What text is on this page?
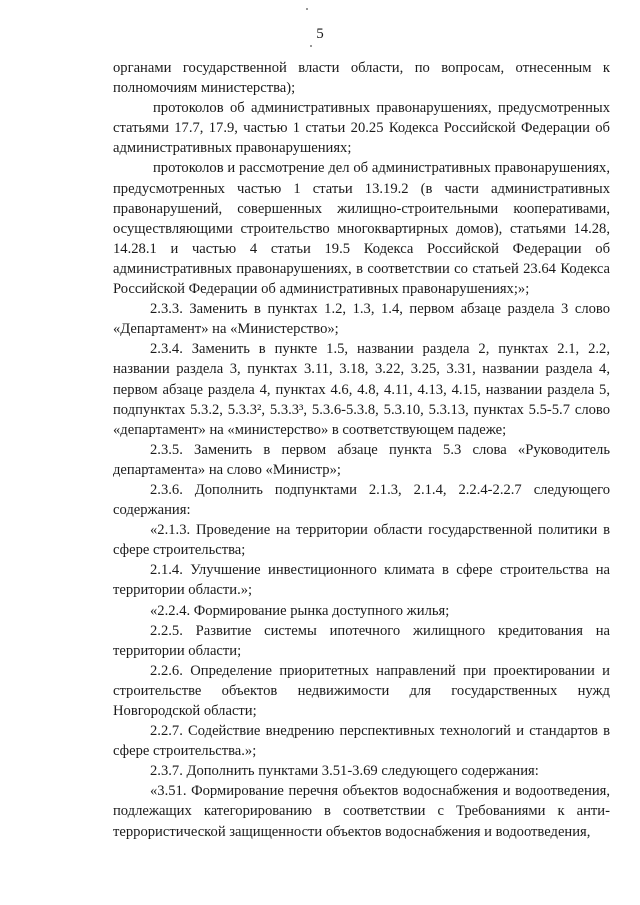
5

органами государственной власти области, по вопросам, отнесенным к полномочиям министерства);

протоколов об административных правонарушениях, предусмотренных статьями 17.7, 17.9, частью 1 статьи 20.25 Кодекса Российской Федерации об административных правонарушениях;

протоколов и рассмотрение дел об административных правонарушениях, предусмотренных частью 1 статьи 13.19.2 (в части административных правонарушений, совершенных жилищно-строительными кооперативами, осуществляющими строительство многоквартирных домов), статьями 14.28, 14.28.1 и частью 4 статьи 19.5 Кодекса Российской Федерации об административных правонарушениях, в соответствии со статьей 23.64 Кодекса Российской Федерации об административных правонарушениях;»;

2.3.3. Заменить в пунктах 1.2, 1.3, 1.4, первом абзаце раздела 3 слово «Департамент» на «Министерство»;

2.3.4. Заменить в пункте 1.5, названии раздела 2, пунктах 2.1, 2.2, названии раздела 3, пунктах 3.11, 3.18, 3.22, 3.25, 3.31, названии раздела 4, первом абзаце раздела 4, пунктах 4.6, 4.8, 4.11, 4.13, 4.15, названии раздела 5, подпунктах 5.3.2, 5.3.3², 5.3.3³, 5.3.6-5.3.8, 5.3.10, 5.3.13, пунктах 5.5-5.7 слово «департамент» на «министерство» в соответствующем падеже;

2.3.5. Заменить в первом абзаце пункта 5.3 слова «Руководитель департамента» на слово «Министр»;

2.3.6. Дополнить подпунктами 2.1.3, 2.1.4, 2.2.4-2.2.7 следующего содержания:

«2.1.3. Проведение на территории области государственной политики в сфере строительства;

2.1.4. Улучшение инвестиционного климата в сфере строительства на территории области.»;

«2.2.4. Формирование рынка доступного жилья;

2.2.5. Развитие системы ипотечного жилищного кредитования на территории области;

2.2.6. Определение приоритетных направлений при проектировании и строительстве объектов недвижимости для государственных нужд Новгородской области;

2.2.7. Содействие внедрению перспективных технологий и стандартов в сфере строительства.»;

2.3.7. Дополнить пунктами 3.51-3.69 следующего содержания:

«3.51. Формирование перечня объектов водоснабжения и водоотведения, подлежащих категорированию в соответствии с Требованиями к антитеррористической защищенности объектов водоснабжения и водоотведения,
